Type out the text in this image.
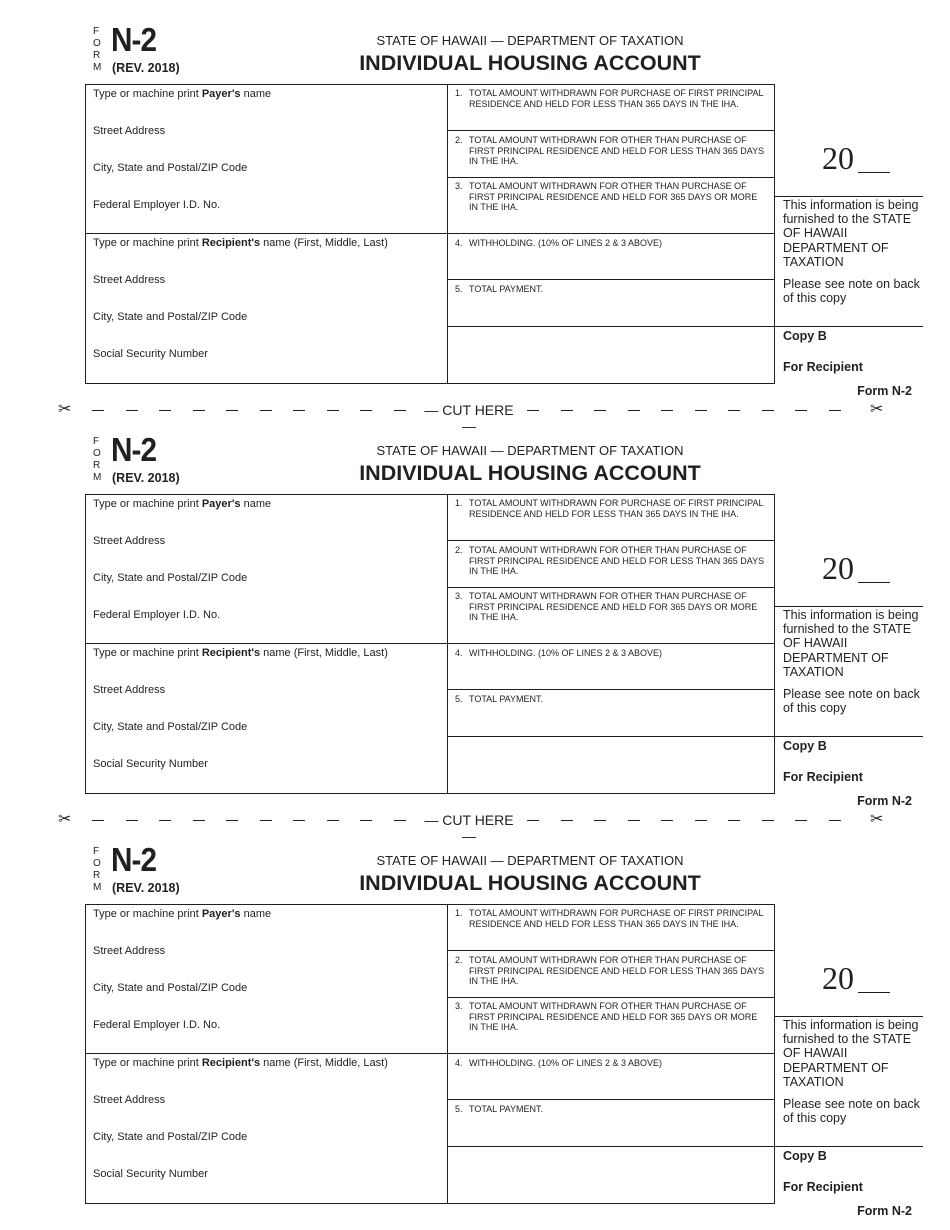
F
O
R
M
N-2
(REV. 2018)
STATE OF HAWAII — DEPARTMENT OF TAXATION
INDIVIDUAL HOUSING ACCOUNT
Type or machine print Payer's name
Street Address
City, State and Postal/ZIP Code
Federal Employer I.D. No.
Type or machine print Recipient's name (First, Middle, Last)
Street Address
City, State and Postal/ZIP Code
Social Security Number
1. TOTAL AMOUNT WITHDRAWN FOR PURCHASE OF FIRST PRINCIPAL RESIDENCE AND HELD FOR LESS THAN 365 DAYS IN THE IHA.
2. TOTAL AMOUNT WITHDRAWN FOR OTHER THAN PURCHASE OF FIRST PRINCIPAL RESIDENCE AND HELD FOR LESS THAN 365 DAYS IN THE IHA.
3. TOTAL AMOUNT WITHDRAWN FOR OTHER THAN PURCHASE OF FIRST PRINCIPAL RESIDENCE AND HELD FOR 365 DAYS OR MORE IN THE IHA.
4. WITHHOLDING. (10% OF LINES 2 & 3 ABOVE)
5. TOTAL PAYMENT.
20
This information is being furnished to the STATE OF HAWAII DEPARTMENT OF TAXATION
Please see note on back of this copy
Copy B
For Recipient
Form N-2
✂	— CUT HERE —
✂
F
O
R
M
N-2
(REV. 2018)
STATE OF HAWAII — DEPARTMENT OF TAXATION
INDIVIDUAL HOUSING ACCOUNT
Type or machine print Payer's name
Street Address
City, State and Postal/ZIP Code
Federal Employer I.D. No.
Type or machine print Recipient's name (First, Middle, Last)
Street Address
City, State and Postal/ZIP Code
Social Security Number
1. TOTAL AMOUNT WITHDRAWN FOR PURCHASE OF FIRST PRINCIPAL RESIDENCE AND HELD FOR LESS THAN 365 DAYS IN THE IHA.
2. TOTAL AMOUNT WITHDRAWN FOR OTHER THAN PURCHASE OF FIRST PRINCIPAL RESIDENCE AND HELD FOR LESS THAN 365 DAYS IN THE IHA.
3. TOTAL AMOUNT WITHDRAWN FOR OTHER THAN PURCHASE OF FIRST PRINCIPAL RESIDENCE AND HELD FOR 365 DAYS OR MORE IN THE IHA.
4. WITHHOLDING. (10% OF LINES 2 & 3 ABOVE)
5. TOTAL PAYMENT.
20
This information is being furnished to the STATE OF HAWAII DEPARTMENT OF TAXATION
Please see note on back of this copy
Copy B
For Recipient
Form N-2
✂	— CUT HERE —
✂
F
O
R
M
N-2
(REV. 2018)
STATE OF HAWAII — DEPARTMENT OF TAXATION
INDIVIDUAL HOUSING ACCOUNT
Type or machine print Payer's name
Street Address
City, State and Postal/ZIP Code
Federal Employer I.D. No.
Type or machine print Recipient's name (First, Middle, Last)
Street Address
City, State and Postal/ZIP Code
Social Security Number
1. TOTAL AMOUNT WITHDRAWN FOR PURCHASE OF FIRST PRINCIPAL RESIDENCE AND HELD FOR LESS THAN 365 DAYS IN THE IHA.
2. TOTAL AMOUNT WITHDRAWN FOR OTHER THAN PURCHASE OF FIRST PRINCIPAL RESIDENCE AND HELD FOR LESS THAN 365 DAYS IN THE IHA.
3. TOTAL AMOUNT WITHDRAWN FOR OTHER THAN PURCHASE OF FIRST PRINCIPAL RESIDENCE AND HELD FOR 365 DAYS OR MORE IN THE IHA.
4. WITHHOLDING. (10% OF LINES 2 & 3 ABOVE)
5. TOTAL PAYMENT.
20
This information is being furnished to the STATE OF HAWAII DEPARTMENT OF TAXATION
Please see note on back of this copy
Copy B
For Recipient
Form N-2
